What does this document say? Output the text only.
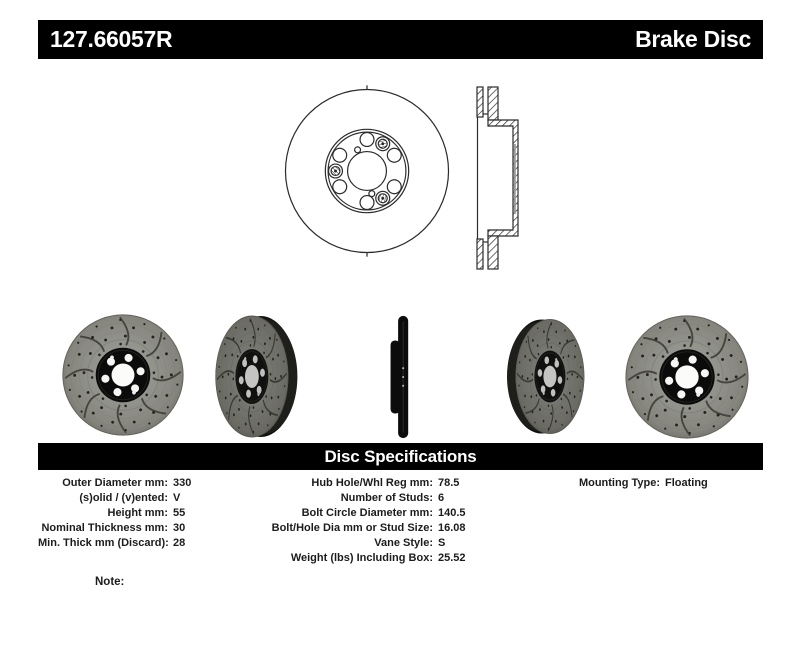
127.66057R	Brake Disc
Disc Specifications
Outer Diameter mm: 330
(s)olid / (v)ented: V
Height mm: 55
Nominal Thickness mm: 30
Min. Thick mm (Discard): 28
Hub Hole/Whl Reg mm: 78.5
Number of Studs: 6
Bolt Circle Diameter mm: 140.5
Bolt/Hole Dia mm or Stud Size: 16.08
Vane Style: S
Weight (lbs) Including Box: 25.52
Mounting Type: Floating
Note:
